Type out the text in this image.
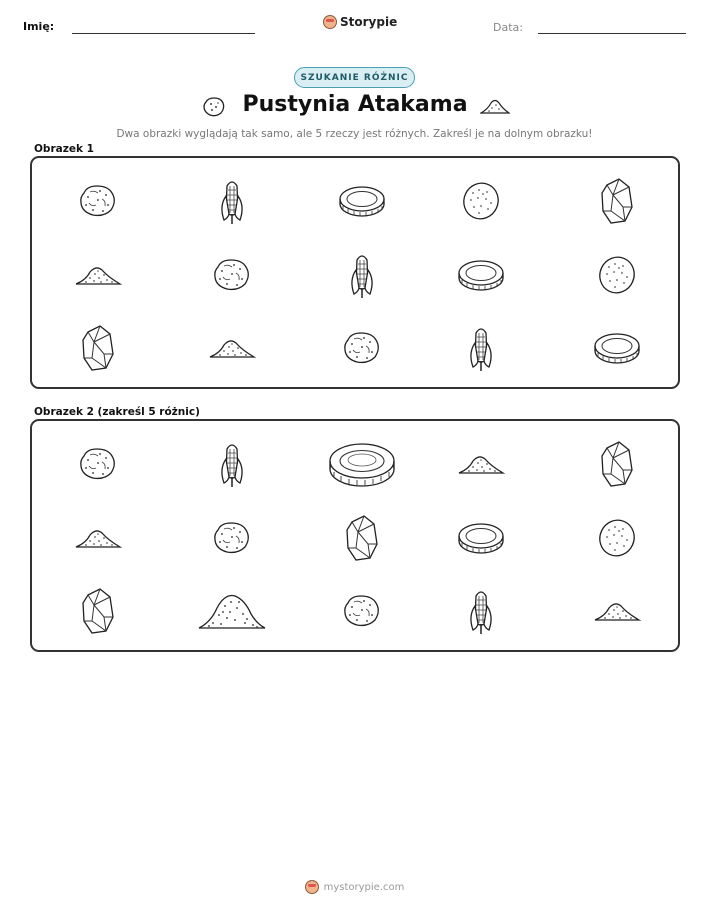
Imię:	Storypie	Data:
SZUKANIE RÓŻNIC
Pustynia Atakama
Dwa obrazki wyglądają tak samo, ale 5 rzeczy jest różnych. Zakreśl je na dolnym obrazku!
Obrazek 1
Obrazek 2 (zakreśl 5 różnic)
mystorypie.com
